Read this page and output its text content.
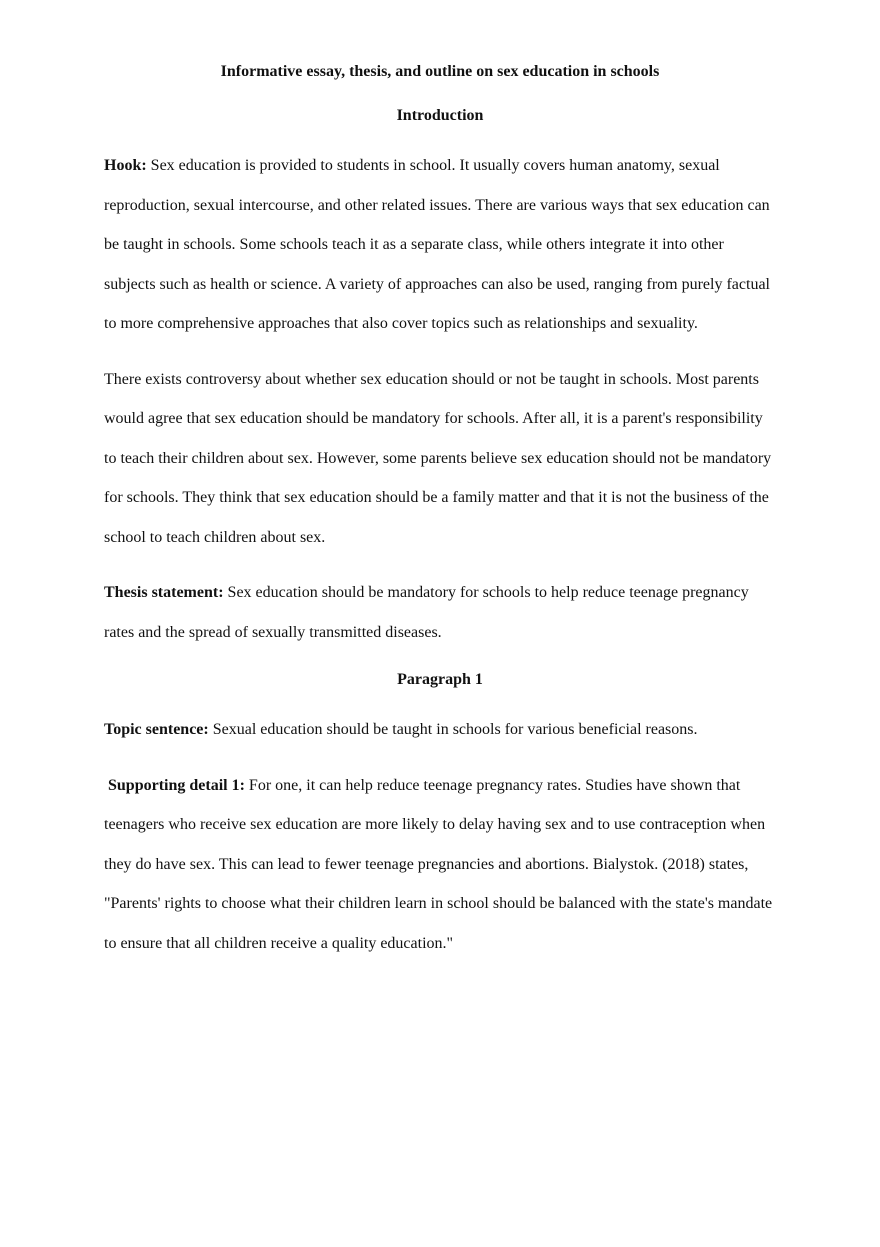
Informative essay, thesis, and outline on sex education in schools
Introduction

Hook: Sex education is provided to students in school. It usually covers human anatomy, sexual reproduction, sexual intercourse, and other related issues. There are various ways that sex education can be taught in schools. Some schools teach it as a separate class, while others integrate it into other subjects such as health or science. A variety of approaches can also be used, ranging from purely factual to more comprehensive approaches that also cover topics such as relationships and sexuality.

There exists controversy about whether sex education should or not be taught in schools. Most parents would agree that sex education should be mandatory for schools. After all, it is a parent's responsibility to teach their children about sex. However, some parents believe sex education should not be mandatory for schools. They think that sex education should be a family matter and that it is not the business of the school to teach children about sex.

Thesis statement: Sex education should be mandatory for schools to help reduce teenage pregnancy rates and the spread of sexually transmitted diseases.

Paragraph 1

Topic sentence: Sexual education should be taught in schools for various beneficial reasons.

Supporting detail 1: For one, it can help reduce teenage pregnancy rates. Studies have shown that teenagers who receive sex education are more likely to delay having sex and to use contraception when they do have sex. This can lead to fewer teenage pregnancies and abortions. Bialystok. (2018) states, "Parents' rights to choose what their children learn in school should be balanced with the state's mandate to ensure that all children receive a quality education."
